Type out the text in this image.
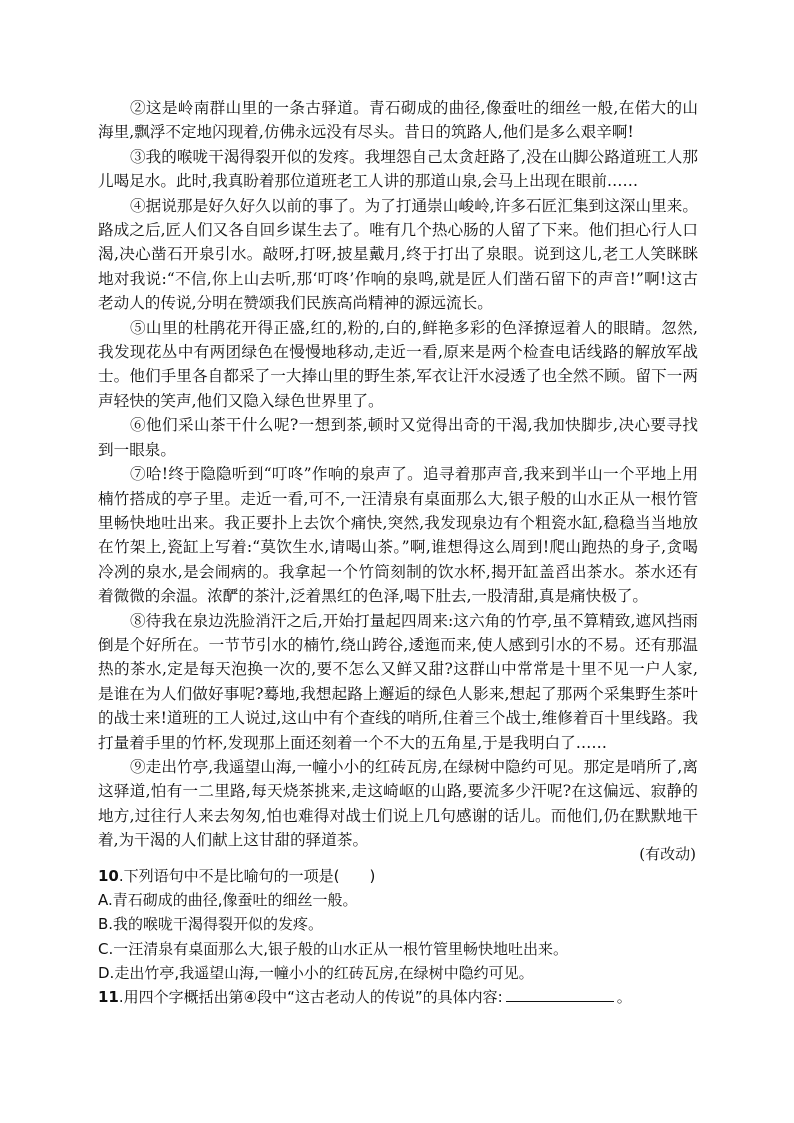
②这是岭南群山里的一条古驿道。青石砌成的曲径,像蚕吐的细丝一般,在偌大的山海里,飘浮不定地闪现着,仿佛永远没有尽头。昔日的筑路人,他们是多么艰辛啊!

③我的喉咙干渴得裂开似的发疼。我埋怨自己太贪赶路了,没在山脚公路道班工人那儿喝足水。此时,我真盼着那位道班老工人讲的那道山泉,会马上出现在眼前……

④据说那是好久好久以前的事了。为了打通崇山峻岭,许多石匠汇集到这深山里来。路成之后,匠人们又各自回乡谋生去了。唯有几个热心肠的人留了下来。他们担心行人口渴,决心凿石开泉引水。敲呀,打呀,披星戴月,终于打出了泉眼。说到这儿,老工人笑眯眯地对我说:“不信,你上山去听,那‘叮咚’作响的泉鸣,就是匠人们凿石留下的声音!”啊!这古老动人的传说,分明在赞颂我们民族高尚精神的源远流长。

⑤山里的杜鹃花开得正盛,红的,粉的,白的,鲜艳多彩的色泽撩逗着人的眼睛。忽然,我发现花丛中有两团绿色在慢慢地移动,走近一看,原来是两个检查电话线路的解放军战士。他们手里各自都采了一大捧山里的野生茶,军衣让汗水浸透了也全然不顾。留下一两声轻快的笑声,他们又隐入绿色世界里了。

⑥他们采山茶干什么呢?一想到茶,顿时又觉得出奇的干渴,我加快脚步,决心要寻找到一眼泉。

⑦哈!终于隐隐听到“叮咚”作响的泉声了。追寻着那声音,我来到半山一个平地上用楠竹搭成的亭子里。走近一看,可不,一汪清泉有桌面那么大,银子般的山水正从一根竹管里畅快地吐出来。我正要扑上去饮个痛快,突然,我发现泉边有个粗瓷水缸,稳稳当当地放在竹架上,瓷缸上写着:“莫饮生水,请喝山茶。”啊,谁想得这么周到!爬山跑热的身子,贪喝冷冽的泉水,是会闹病的。我拿起一个竹筒刻制的饮水杯,揭开缸盖舀出茶水。茶水还有着微微的余温。浓酽的茶汁,泛着黑红的色泽,喝下肚去,一股清甜,真是痛快极了。

⑧待我在泉边洗脸消汗之后,开始打量起四周来:这六角的竹亭,虽不算精致,遮风挡雨倒是个好所在。一节节引水的楠竹,绕山跨谷,逶迤而来,使人感到引水的不易。还有那温热的茶水,定是每天泡换一次的,要不怎么又鲜又甜?这群山中常常是十里不见一户人家,是谁在为人们做好事呢?蓦地,我想起路上邂逅的绿色人影来,想起了那两个采集野生茶叶的战士来!道班的工人说过,这山中有个查线的哨所,住着三个战士,维修着百十里线路。我打量着手里的竹杯,发现那上面还刻着一个不大的五角星,于是我明白了……

⑨走出竹亭,我遥望山海,一幢小小的红砖瓦房,在绿树中隐约可见。那定是哨所了,离这驿道,怕有一二里路,每天烧茶挑来,走这崎岖的山路,要流多少汗呢?在这偏远、寂静的地方,过往行人来去匆匆,怕也难得对战士们说上几句感谢的话儿。而他们,仍在默默地干着,为干渴的人们献上这甘甜的驿道茶。

(有改动)

10.下列语句中不是比喻句的一项是(　　)

A.青石砌成的曲径,像蚕吐的细丝一般。

B.我的喉咙干渴得裂开似的发疼。

C.一汪清泉有桌面那么大,银子般的山水正从一根竹管里畅快地吐出来。

D.走出竹亭,我遥望山海,一幢小小的红砖瓦房,在绿树中隐约可见。

11.用四个字概括出第④段中“这古老动人的传说”的具体内容:	。
